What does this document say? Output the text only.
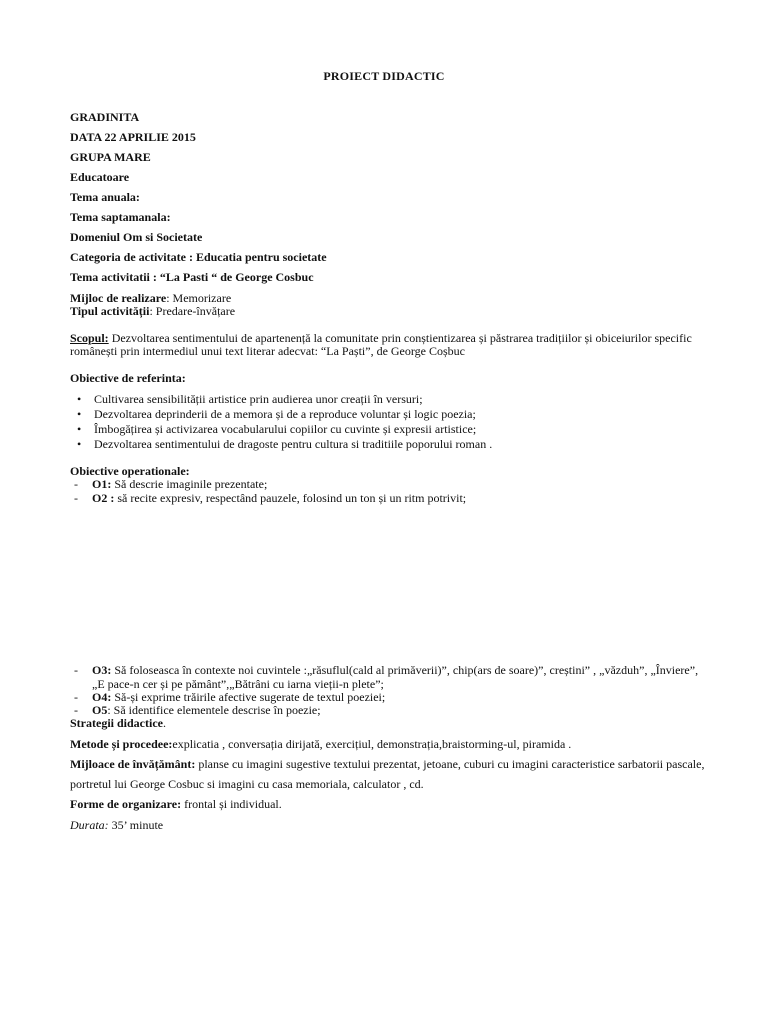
PROIECT DIDACTIC
GRADINITA
DATA 22 APRILIE 2015
GRUPA MARE
Educatoare
Tema anuala:
Tema saptamanala:
Domeniul Om si Societate
Categoria de activitate : Educatia pentru societate
Tema activitatii : “La Pasti “ de George Cosbuc
Mijloc de realizare: Memorizare
Tipul activității: Predare-învățare
Scopul: Dezvoltarea sentimentului de apartenență la comunitate prin conștientizarea și păstrarea tradițiilor și obiceiurilor specific
românești prin intermediul unui text literar adecvat: “La Paști”, de George Coșbuc
Obiective de referinta:
• Cultivarea sensibilității artistice prin audierea unor creații în versuri;
• Dezvoltarea deprinderii de a memora și de a reproduce voluntar și logic poezia;
• Îmbogățirea și activizarea vocabularului copiilor cu cuvinte și expresii artistice;
• Dezvoltarea sentimentului de dragoste pentru cultura si traditiile poporului roman .
Obiective operationale:
- O1: Să descrie imaginile prezentate;
- O2 : să recite expresiv, respectând pauzele, folosind un ton și un ritm potrivit;
- O3: Să foloseasca în contexte noi cuvintele :„răsuflul(cald al primăverii)”, chip(ars de soare)”, creștini” , „văzduh”, „Înviere”, „E pace-n cer și pe pământ”,„Bătrâni cu iarna vieții-n plete”;
- O4: Să-și exprime trăirile afective sugerate de textul poeziei;
- O5: Să identifice elementele descrise în poezie;
Strategii didactice.
Metode și procedee:explicatia , conversația dirijată, exercițiul, demonstrația,braistorming-ul, piramida .
Mijloace de învățământ: planse cu imagini sugestive textului prezentat, jetoane, cuburi cu imagini caracteristice sarbatorii pascale,
portretul lui George Cosbuc si imagini cu casa memoriala, calculator , cd.
Forme de organizare: frontal și individual.
Durata: 35’ minute
